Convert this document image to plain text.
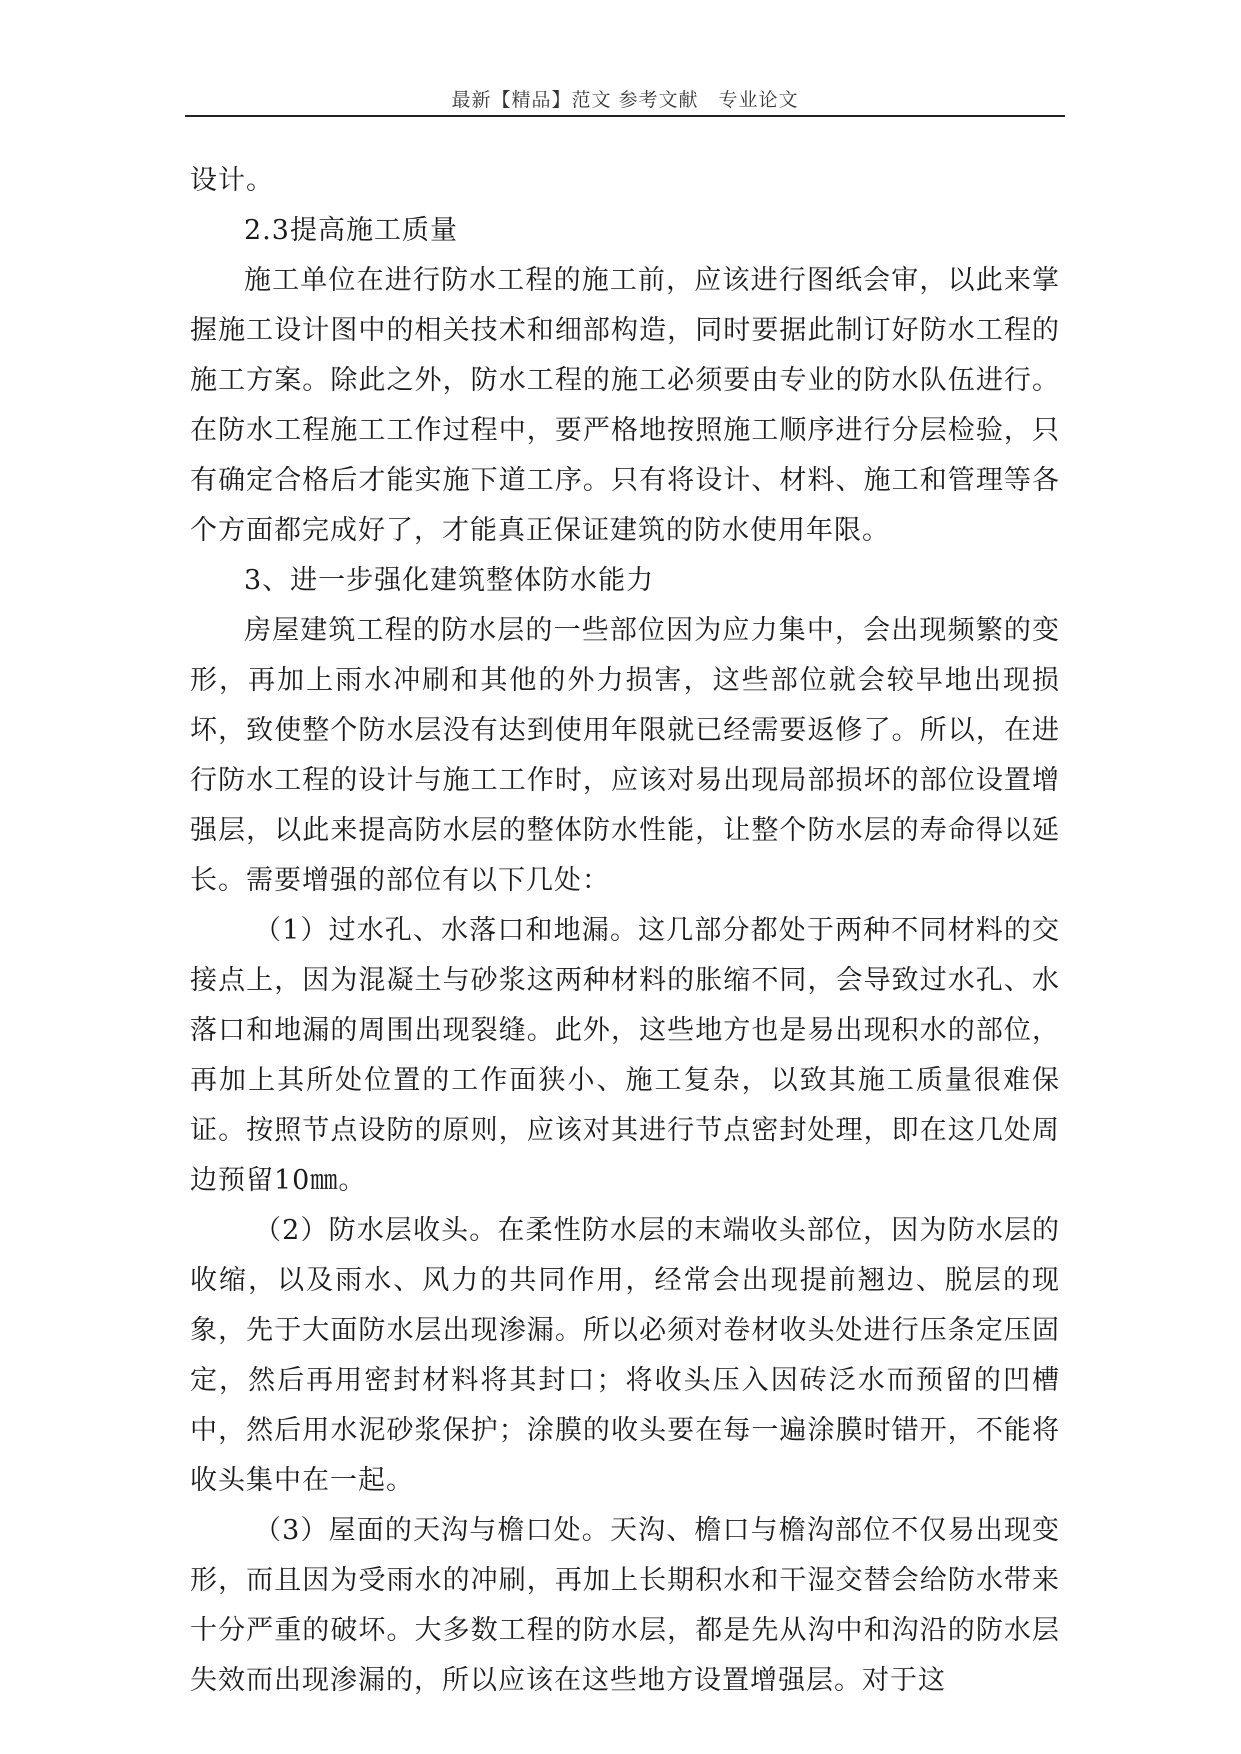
最新【精品】范文 参考文献　专业论文

设计。

2.3提高施工质量

施工单位在进行防水工程的施工前，应该进行图纸会审，以此来掌握施工设计图中的相关技术和细部构造，同时要据此制订好防水工程的施工方案。除此之外，防水工程的施工必须要由专业的防水队伍进行。在防水工程施工工作过程中，要严格地按照施工顺序进行分层检验，只有确定合格后才能实施下道工序。只有将设计、材料、施工和管理等各个方面都完成好了，才能真正保证建筑的防水使用年限。

3、进一步强化建筑整体防水能力

房屋建筑工程的防水层的一些部位因为应力集中，会出现频繁的变形，再加上雨水冲刷和其他的外力损害，这些部位就会较早地出现损坏，致使整个防水层没有达到使用年限就已经需要返修了。所以，在进行防水工程的设计与施工工作时，应该对易出现局部损坏的部位设置增强层，以此来提高防水层的整体防水性能，让整个防水层的寿命得以延长。需要增强的部位有以下几处：

（1）过水孔、水落口和地漏。这几部分都处于两种不同材料的交接点上，因为混凝土与砂浆这两种材料的胀缩不同，会导致过水孔、水落口和地漏的周围出现裂缝。此外，这些地方也是易出现积水的部位，再加上其所处位置的工作面狭小、施工复杂，以致其施工质量很难保证。按照节点设防的原则，应该对其进行节点密封处理，即在这几处周边预留10㎜。

（2）防水层收头。在柔性防水层的末端收头部位，因为防水层的收缩，以及雨水、风力的共同作用，经常会出现提前翘边、脱层的现象，先于大面防水层出现渗漏。所以必须对卷材收头处进行压条定压固定，然后再用密封材料将其封口；将收头压入因砖泛水而预留的凹槽中，然后用水泥砂浆保护；涂膜的收头要在每一遍涂膜时错开，不能将收头集中在一起。

（3）屋面的天沟与檐口处。天沟、檐口与檐沟部位不仅易出现变形，而且因为受雨水的冲刷，再加上长期积水和干湿交替会给防水带来十分严重的破坏。大多数工程的防水层，都是先从沟中和沟沿的防水层失效而出现渗漏的，所以应该在这些地方设置增强层。对于这
